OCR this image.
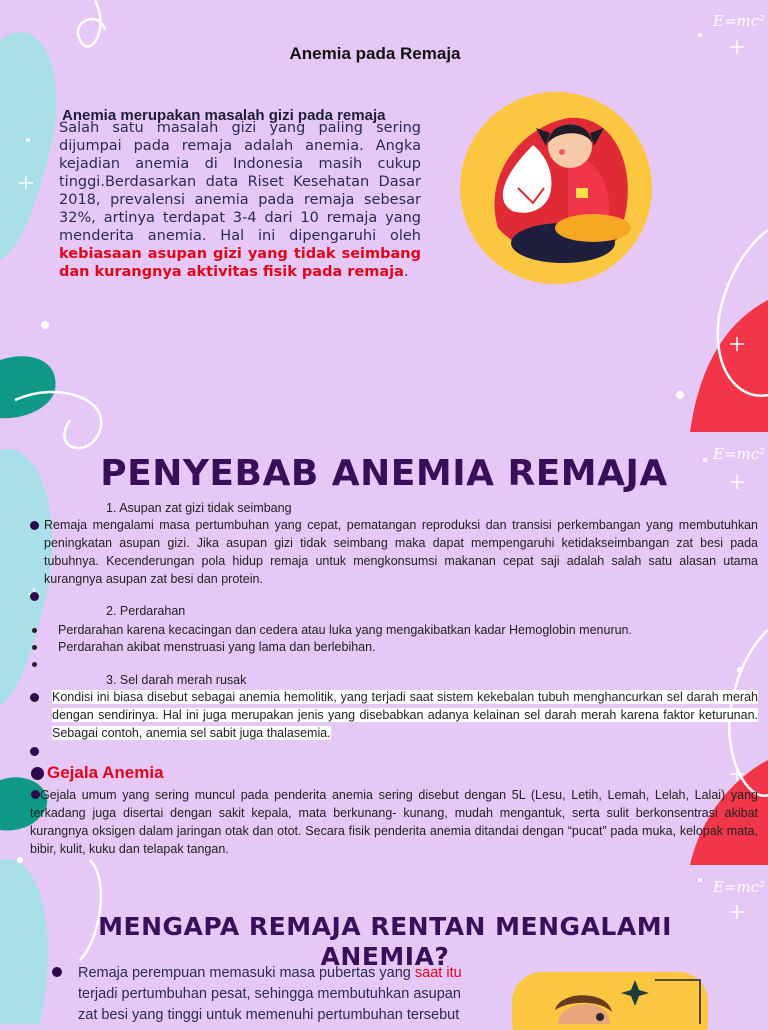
E=mc²
E=mc²
E=mc²
Anemia pada Remaja
Anemia merupakan masalah gizi pada remaja
Salah satu masalah gizi yang paling sering dijumpai pada remaja adalah anemia. Angka kejadian anemia di Indonesia masih cukup tinggi.Berdasarkan data Riset Kesehatan Dasar 2018, prevalensi anemia pada remaja sebesar 32%, artinya terdapat 3-4 dari 10 remaja yang menderita anemia. Hal ini dipengaruhi oleh kebiasaan asupan gizi yang tidak seimbang dan kurangnya aktivitas fisik pada remaja.
PENYEBAB ANEMIA REMAJA
1. Asupan zat gizi tidak seimbang
Remaja mengalami masa pertumbuhan yang cepat, pematangan reproduksi dan transisi perkembangan yang membutuhkan peningkatan asupan gizi. Jika asupan gizi tidak seimbang maka dapat mempengaruhi ketidakseimbangan zat besi pada tubuhnya. Kecenderungan pola hidup remaja untuk mengkonsumsi makanan cepat saji adalah salah satu alasan utama kurangnya asupan zat besi dan protein.
2. Perdarahan
Perdarahan karena kecacingan dan cedera atau luka yang mengakibatkan kadar Hemoglobin menurun.
Perdarahan akibat menstruasi yang lama dan berlebihan.
3. Sel darah merah rusak
Kondisi ini biasa disebut sebagai anemia hemolitik, yang terjadi saat sistem kekebalan tubuh menghancurkan sel darah merah dengan sendirinya. Hal ini juga merupakan jenis yang disebabkan adanya kelainan sel darah merah karena faktor keturunan. Sebagai contoh, anemia sel sabit juga thalasemia.
Gejala Anemia
Gejala umum yang sering muncul pada penderita anemia sering disebut dengan 5L (Lesu, Letih, Lemah, Lelah, Lalai) yang terkadang juga disertai dengan sakit kepala, mata berkunang- kunang, mudah mengantuk, serta sulit berkonsentrasi akibat kurangnya oksigen dalam jaringan otak dan otot. Secara fisik penderita anemia ditandai dengan “pucat” pada muka, kelopak mata, bibir, kulit, kuku dan telapak tangan.
MENGAPA REMAJA RENTAN MENGALAMI ANEMIA?
Remaja perempuan memasuki masa pubertas yang saat itu terjadi pertumbuhan pesat, sehingga membutuhkan asupan zat besi yang tinggi untuk memenuhi pertumbuhan tersebut
